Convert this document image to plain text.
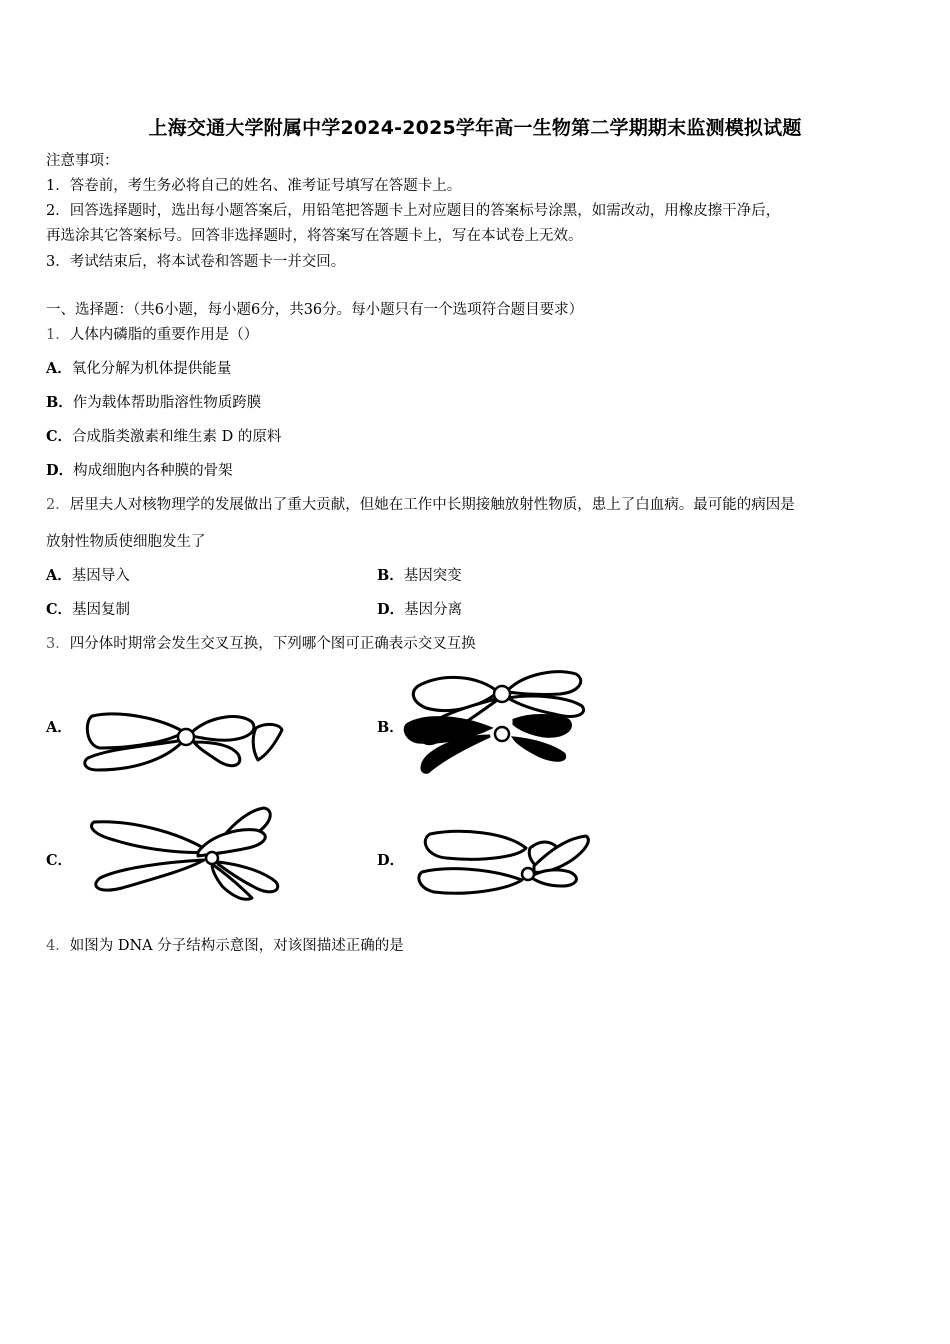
上海交通大学附属中学2024-2025学年高一生物第二学期期末监测模拟试题
注意事项：
1．答卷前，考生务必将自己的姓名、准考证号填写在答题卡上。
2．回答选择题时，选出每小题答案后，用铅笔把答题卡上对应题目的答案标号涂黑，如需改动，用橡皮擦干净后，
再选涂其它答案标号。回答非选择题时，将答案写在答题卡上，写在本试卷上无效。
3．考试结束后，将本试卷和答题卡一并交回。
一、选择题：（共6小题，每小题6分，共36分。每小题只有一个选项符合题目要求）
1．人体内磷脂的重要作用是（）
A．氧化分解为机体提供能量
B．作为载体帮助脂溶性物质跨膜
C．合成脂类激素和维生素 D 的原料
D．构成细胞内各种膜的骨架
2．居里夫人对核物理学的发展做出了重大贡献，但她在工作中长期接触放射性物质，患上了白血病。最可能的病因是
放射性物质使细胞发生了
A．基因导入	B．基因突变
C．基因复制	D．基因分离
3．四分体时期常会发生交叉互换，下列哪个图可正确表示交叉互换
A．	B．
C．	D．
4．如图为 DNA 分子结构示意图，对该图描述正确的是
